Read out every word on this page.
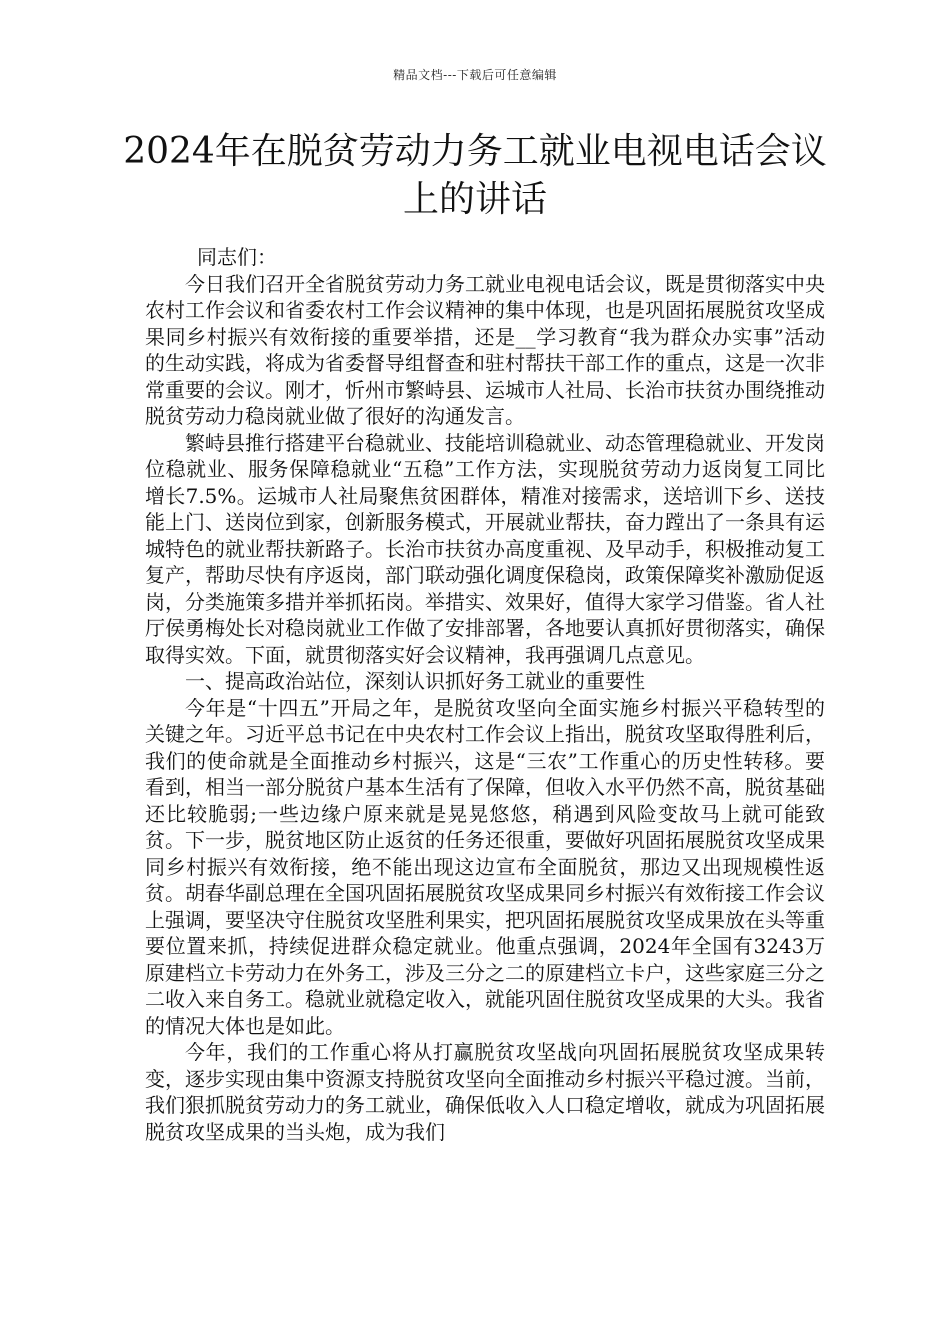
精品文档---下载后可任意编辑
2024年在脱贫劳动力务工就业电视电话会议上的讲话

同志们：

今日我们召开全省脱贫劳动力务工就业电视电话会议，既是贯彻落实中央农村工作会议和省委农村工作会议精神的集中体现，也是巩固拓展脱贫攻坚成果同乡村振兴有效衔接的重要举措，还是__学习教育“我为群众办实事”活动的生动实践，将成为省委督导组督查和驻村帮扶干部工作的重点，这是一次非常重要的会议。刚才，忻州市繁峙县、运城市人社局、长治市扶贫办围绕推动脱贫劳动力稳岗就业做了很好的沟通发言。

繁峙县推行搭建平台稳就业、技能培训稳就业、动态管理稳就业、开发岗位稳就业、服务保障稳就业“五稳”工作方法，实现脱贫劳动力返岗复工同比增长7.5%。运城市人社局聚焦贫困群体，精准对接需求，送培训下乡、送技能上门、送岗位到家，创新服务模式，开展就业帮扶，奋力蹚出了一条具有运城特色的就业帮扶新路子。长治市扶贫办高度重视、及早动手，积极推动复工复产，帮助尽快有序返岗，部门联动强化调度保稳岗，政策保障奖补激励促返岗，分类施策多措并举抓拓岗。举措实、效果好，值得大家学习借鉴。省人社厅侯勇梅处长对稳岗就业工作做了安排部署，各地要认真抓好贯彻落实，确保取得实效。下面，就贯彻落实好会议精神，我再强调几点意见。

一、提高政治站位，深刻认识抓好务工就业的重要性

今年是“十四五”开局之年，是脱贫攻坚向全面实施乡村振兴平稳转型的关键之年。习近平总书记在中央农村工作会议上指出，脱贫攻坚取得胜利后，我们的使命就是全面推动乡村振兴，这是“三农”工作重心的历史性转移。要看到，相当一部分脱贫户基本生活有了保障，但收入水平仍然不高，脱贫基础还比较脆弱;一些边缘户原来就是晃晃悠悠，稍遇到风险变故马上就可能致贫。下一步，脱贫地区防止返贫的任务还很重，要做好巩固拓展脱贫攻坚成果同乡村振兴有效衔接，绝不能出现这边宣布全面脱贫，那边又出现规模性返贫。胡春华副总理在全国巩固拓展脱贫攻坚成果同乡村振兴有效衔接工作会议上强调，要坚决守住脱贫攻坚胜利果实，把巩固拓展脱贫攻坚成果放在头等重要位置来抓，持续促进群众稳定就业。他重点强调，2024年全国有3243万原建档立卡劳动力在外务工，涉及三分之二的原建档立卡户，这些家庭三分之二收入来自务工。稳就业就稳定收入，就能巩固住脱贫攻坚成果的大头。我省的情况大体也是如此。

今年，我们的工作重心将从打赢脱贫攻坚战向巩固拓展脱贫攻坚成果转变，逐步实现由集中资源支持脱贫攻坚向全面推动乡村振兴平稳过渡。当前，我们狠抓脱贫劳动力的务工就业，确保低收入人口稳定增收，就成为巩固拓展脱贫攻坚成果的当头炮，成为我们
